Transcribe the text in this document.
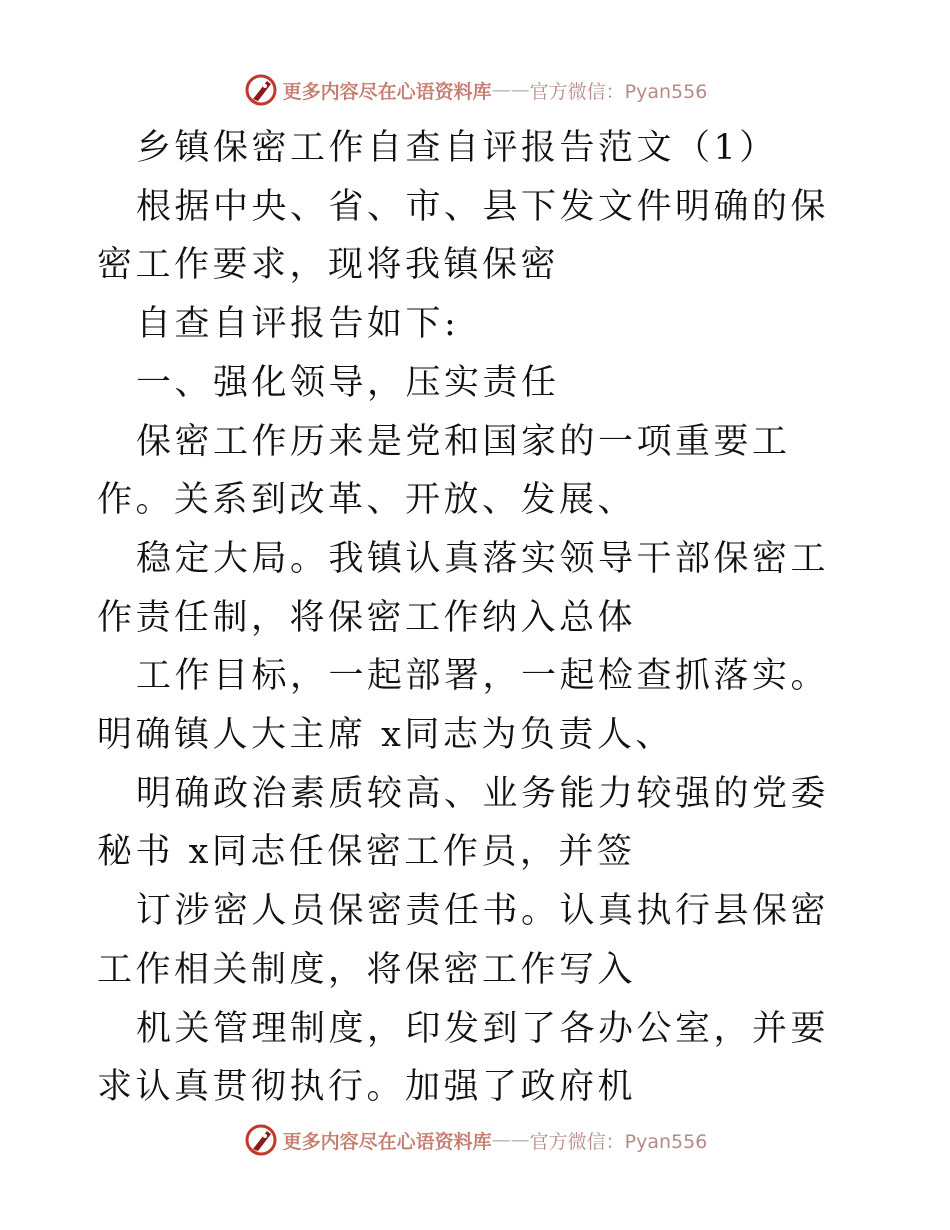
更多内容尽在心语资料库 —— 官方微信：Pyan556

乡镇保密工作自查自评报告范文（1）

根据中央、省、市、县下发文件明确的保密工作要求，现将我镇保密

自查自评报告如下:

一、强化领导，压实责任

保密工作历来是党和国家的一项重要工作。关系到改革、开放、发展、

稳定大局。我镇认真落实领导干部保密工作责任制，将保密工作纳入总体

工作目标，一起部署，一起检查抓落实。明确镇人大主席 x同志为负责人、

明确政治素质较高、业务能力较强的党委秘书 x同志任保密工作员，并签

订涉密人员保密责任书。认真执行县保密工作相关制度，将保密工作写入

机关管理制度，印发到了各办公室，并要求认真贯彻执行。加强了政府机

更多内容尽在心语资料库 —— 官方微信：Pyan556
